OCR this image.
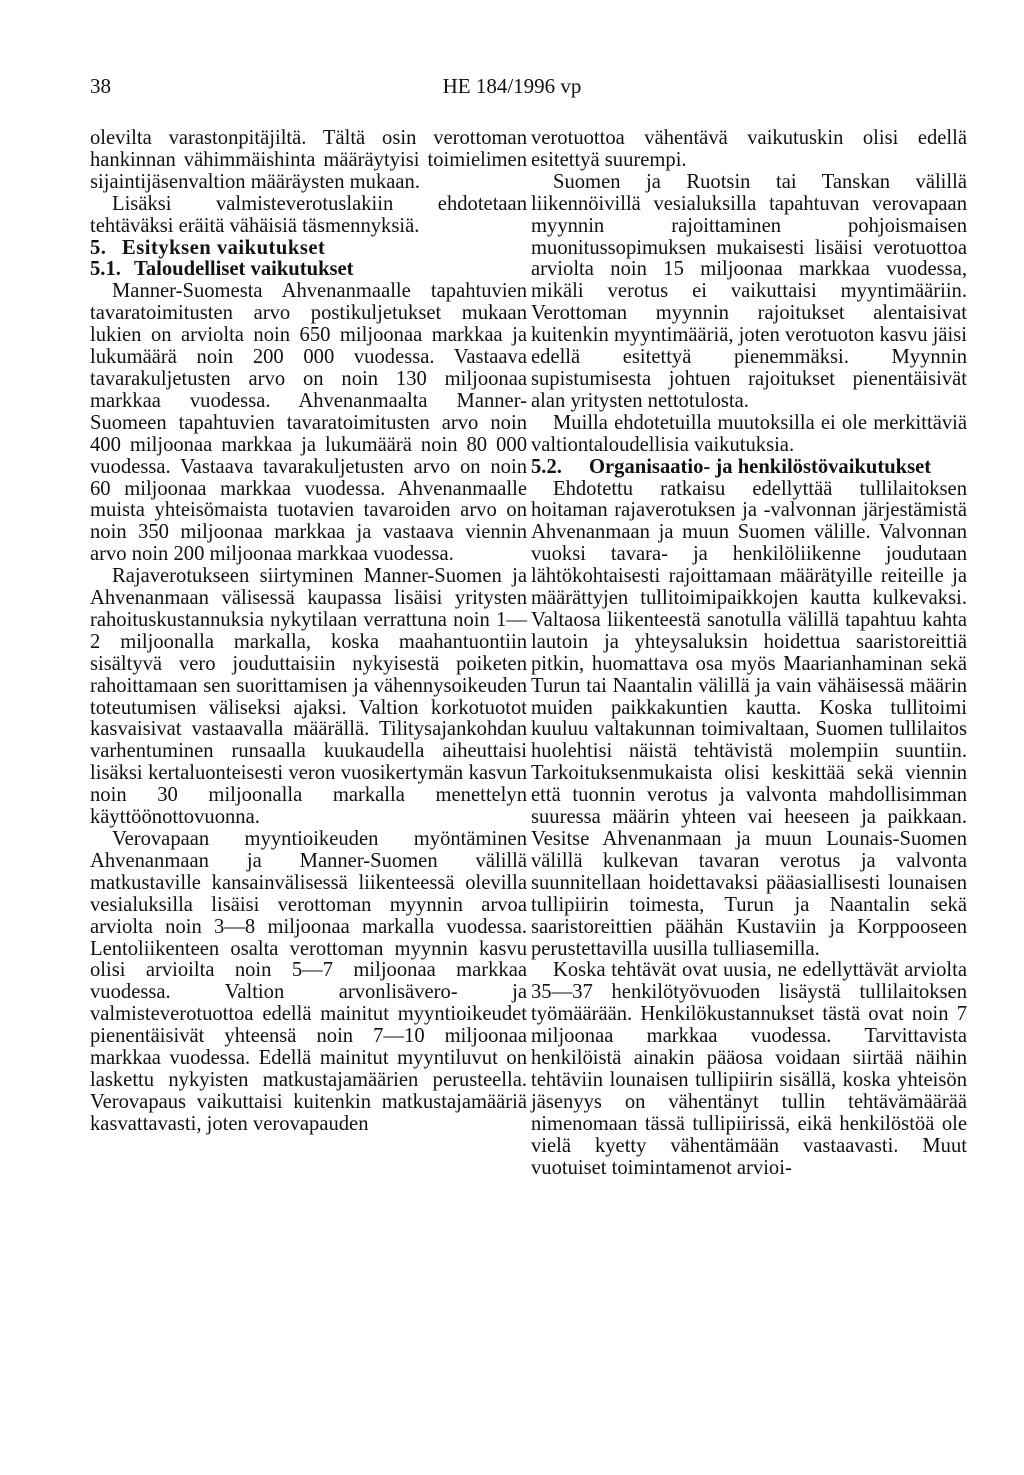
38	HE 184/1996 vp

olevilta varastonpitäjiltä. Tältä osin verottoman hankinnan vähimmäishinta määräytyisi toimielimen sijaintijäsenvaltion määräysten mukaan.

Lisäksi valmisteverotuslakiin ehdotetaan tehtäväksi eräitä vähäisiä täsmennyksiä.

5. Esityksen vaikutukset
5.1. Taloudelliset vaikutukset

Manner-Suomesta Ahvenanmaalle tapahtuvien tavaratoimitusten arvo postikuljetukset mukaan lukien on arviolta noin 650 miljoonaa markkaa ja lukumäärä noin 200 000 vuodessa. Vastaava tavarakuljetusten arvo on noin 130 miljoonaa markkaa vuodessa. Ahvenanmaalta Manner-Suomeen tapahtuvien tavaratoimitusten arvo noin 400 miljoonaa markkaa ja lukumäärä noin 80 000 vuodessa. Vastaava tavarakuljetusten arvo on noin 60 miljoonaa markkaa vuodessa. Ahvenanmaalle muista yhteisömaista tuotavien tavaroiden arvo on noin 350 miljoonaa markkaa ja vastaava viennin arvo noin 200 miljoonaa markkaa vuodessa.

Rajaverotukseen siirtyminen Manner-Suomen ja Ahvenanmaan välisessä kaupassa lisäisi yritysten rahoituskustannuksia nykytilaan verrattuna noin 1—2 miljoonalla markalla, koska maahantuontiin sisältyvä vero jouduttaisiin nykyisestä poiketen rahoittamaan sen suorittamisen ja vähennysoikeuden toteutumisen väliseksi ajaksi. Valtion korkotuotot kasvaisivat vastaavalla määrällä. Tilitysajankohdan varhentuminen runsaalla kuukaudella aiheuttaisi lisäksi kertaluonteisesti veron vuosikertymän kasvun noin 30 miljoonalla markalla menettelyn käyttöönottovuonna.

Verovapaan myyntioikeuden myöntäminen Ahvenanmaan ja Manner-Suomen välillä matkustaville kansainvälisessä liikenteessä olevilla vesialuksilla lisäisi verottoman myynnin arvoa arviolta noin 3—8 miljoonaa markalla vuodessa. Lentoliikenteen osalta verottoman myynnin kasvu olisi arvioilta noin 5—7 miljoonaa markkaa vuodessa. Valtion arvonlisävero- ja valmisteverotuottoa edellä mainitut myyntioikeudet pienentäisivät yhteensä noin 7—10 miljoonaa markkaa vuodessa. Edellä mainitut myyntiluvut on laskettu nykyisten matkustajamäärien perusteella. Verovapaus vaikuttaisi kuitenkin matkustajamääriä kasvattavasti, joten verovapauden

verotuottoa vähentävä vaikutuskin olisi edellä esitettyä suurempi.

Suomen ja Ruotsin tai Tanskan välillä liikennöivillä vesialuksilla tapahtuvan verovapaan myynnin rajoittaminen pohjoismaisen muonitussopimuksen mukaisesti lisäisi verotuottoa arviolta noin 15 miljoonaa markkaa vuodessa, mikäli verotus ei vaikuttaisi myyntimääriin. Verottoman myynnin rajoitukset alentaisivat kuitenkin myyntimääriä, joten verotuoton kasvu jäisi edellä esitettyä pienemmäksi. Myynnin supistumisesta johtuen rajoitukset pienentäisivät alan yritysten nettotulosta.

Muilla ehdotetuilla muutoksilla ei ole merkittäviä valtiontaloudellisia vaikutuksia.

5.2. Organisaatio- ja henkilöstövaikutukset

Ehdotettu ratkaisu edellyttää tullilaitoksen hoitaman rajaverotuksen ja -valvonnan järjestämistä Ahvenanmaan ja muun Suomen välille. Valvonnan vuoksi tavara- ja henkilöliikenne joudutaan lähtökohtaisesti rajoittamaan määrätyille reiteille ja määrättyjen tullitoimipaikkojen kautta kulkevaksi. Valtaosa liikenteestä sanotulla välillä tapahtuu kahta lautoin ja yhteysaluksin hoidettua saaristoreittiä pitkin, huomattava osa myös Maarianhaminan sekä Turun tai Naantalin välillä ja vain vähäisessä määrin muiden paikkakuntien kautta. Koska tullitoimi kuuluu valtakunnan toimivaltaan, Suomen tullilaitos huolehtisi näistä tehtävistä molempiin suuntiin. Tarkoituksenmukaista olisi keskittää sekä viennin että tuonnin verotus ja valvonta mahdollisimman suuressa määrin yhteen vai heeseen ja paikkaan. Vesitse Ahvenanmaan ja muun Lounais-Suomen välillä kulkevan tavaran verotus ja valvonta suunnitellaan hoidettavaksi pääasiallisesti lounaisen tullipiirin toimesta, Turun ja Naantalin sekä saaristoreittien päähän Kustaviin ja Korppooseen perustettavilla uusilla tulliasemilla.

Koska tehtävät ovat uusia, ne edellyttävät arviolta 35—37 henkilötyövuoden lisäystä tullilaitoksen työmäärään. Henkilökustannukset tästä ovat noin 7 miljoonaa markkaa vuodessa. Tarvittavista henkilöistä ainakin pääosa voidaan siirtää näihin tehtäviin lounaisen tullipiirin sisällä, koska yhteisön jäsenyys on vähentänyt tullin tehtävämäärää nimenomaan tässä tullipiirissä, eikä henkilöstöä ole vielä kyetty vähentämään vastaavasti. Muut vuotuiset toimintamenot arvioi-
